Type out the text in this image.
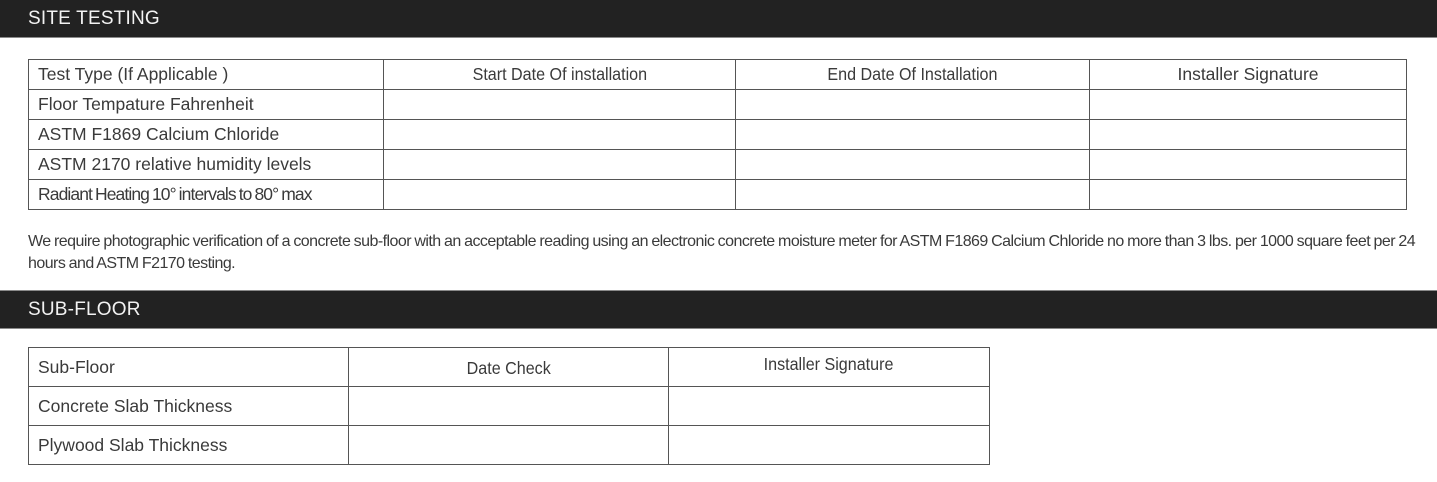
SITE TESTING
Test Type (If Applicable )	Start Date Of installation	End Date Of Installation	Installer Signature
Floor Tempature Fahrenheit			
ASTM F1869 Calcium Chloride			
ASTM 2170 relative humidity levels			
Radiant Heating 10° intervals to 80° max			

We require photographic verification of a concrete sub-floor with an acceptable reading using an electronic concrete moisture meter for ASTM F1869 Calcium Chloride no more than 3 lbs. per 1000 square feet per 24 hours and ASTM F2170 testing.

SUB-FLOOR
Sub-Floor	Date Check	Installer Signature
Concrete Slab Thickness		
Plywood Slab Thickness		
